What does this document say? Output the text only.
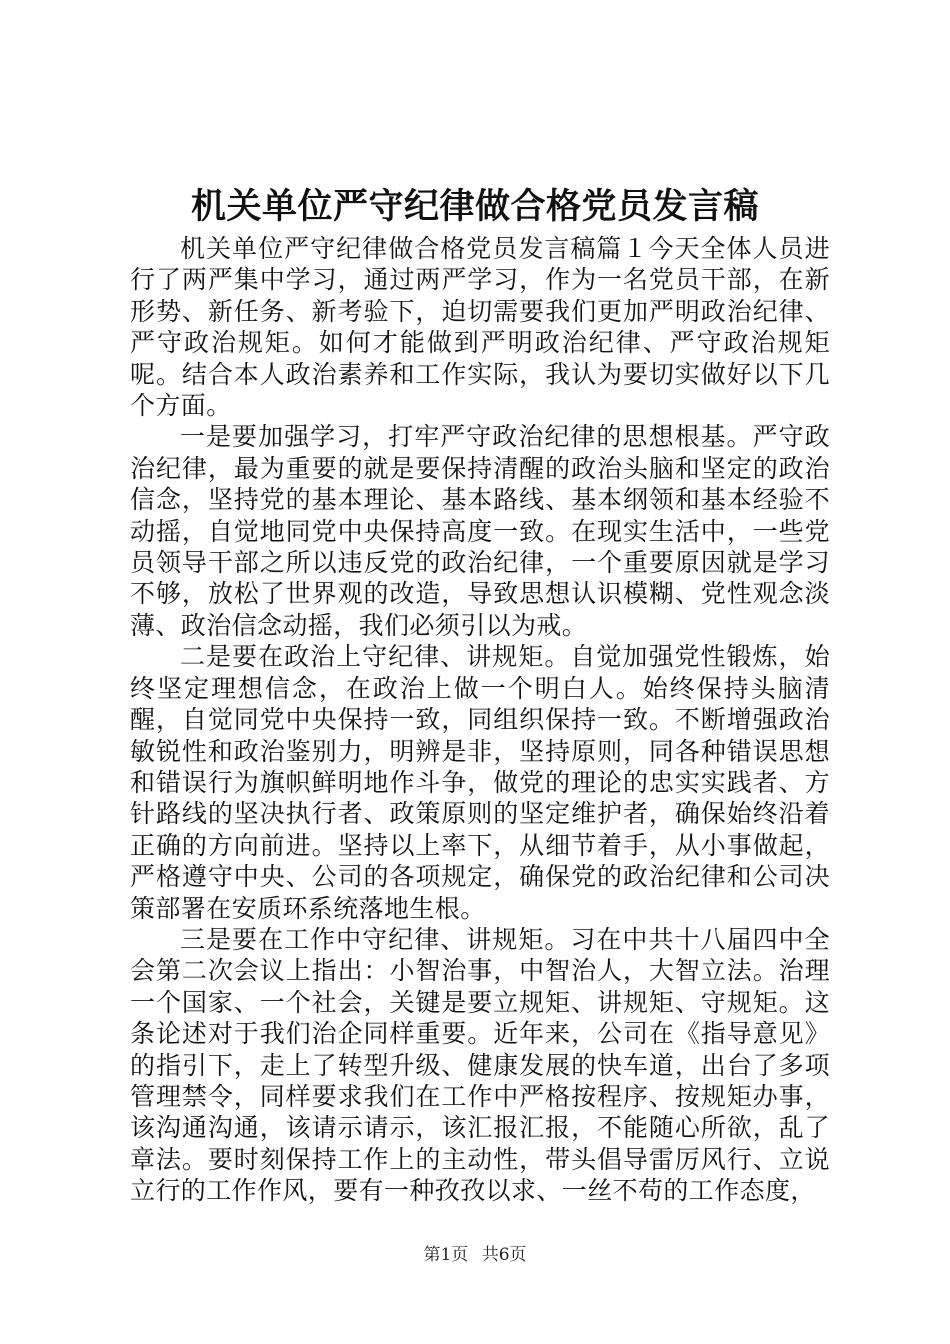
机关单位严守纪律做合格党员发言稿

机关单位严守纪律做合格党员发言稿篇１今天全体人员进行了两严集中学习，通过两严学习，作为一名党员干部，在新形势、新任务、新考验下，迫切需要我们更加严明政治纪律、严守政治规矩。如何才能做到严明政治纪律、严守政治规矩呢。结合本人政治素养和工作实际，我认为要切实做好以下几个方面。

一是要加强学习，打牢严守政治纪律的思想根基。严守政治纪律，最为重要的就是要保持清醒的政治头脑和坚定的政治信念，坚持党的基本理论、基本路线、基本纲领和基本经验不动摇，自觉地同党中央保持高度一致。在现实生活中，一些党员领导干部之所以违反党的政治纪律，一个重要原因就是学习不够，放松了世界观的改造，导致思想认识模糊、党性观念淡薄、政治信念动摇，我们必须引以为戒。

二是要在政治上守纪律、讲规矩。自觉加强党性锻炼，始终坚定理想信念，在政治上做一个明白人。始终保持头脑清醒，自觉同党中央保持一致，同组织保持一致。不断增强政治敏锐性和政治鉴别力，明辨是非，坚持原则，同各种错误思想和错误行为旗帜鲜明地作斗争，做党的理论的忠实实践者、方针路线的坚决执行者、政策原则的坚定维护者，确保始终沿着正确的方向前进。坚持以上率下，从细节着手，从小事做起，严格遵守中央、公司的各项规定，确保党的政治纪律和公司决策部署在安质环系统落地生根。

三是要在工作中守纪律、讲规矩。习在中共十八届四中全会第二次会议上指出：小智治事，中智治人，大智立法。治理一个国家、一个社会，关键是要立规矩、讲规矩、守规矩。这条论述对于我们治企同样重要。近年来，公司在《指导意见》的指引下，走上了转型升级、健康发展的快车道，出台了多项管理禁令，同样要求我们在工作中严格按程序、按规矩办事，该沟通沟通，该请示请示，该汇报汇报，不能随心所欲，乱了章法。要时刻保持工作上的主动性，带头倡导雷厉风行、立说立行的工作作风，要有一种孜孜以求、一丝不苟的工作态度，

第1页 共6页
